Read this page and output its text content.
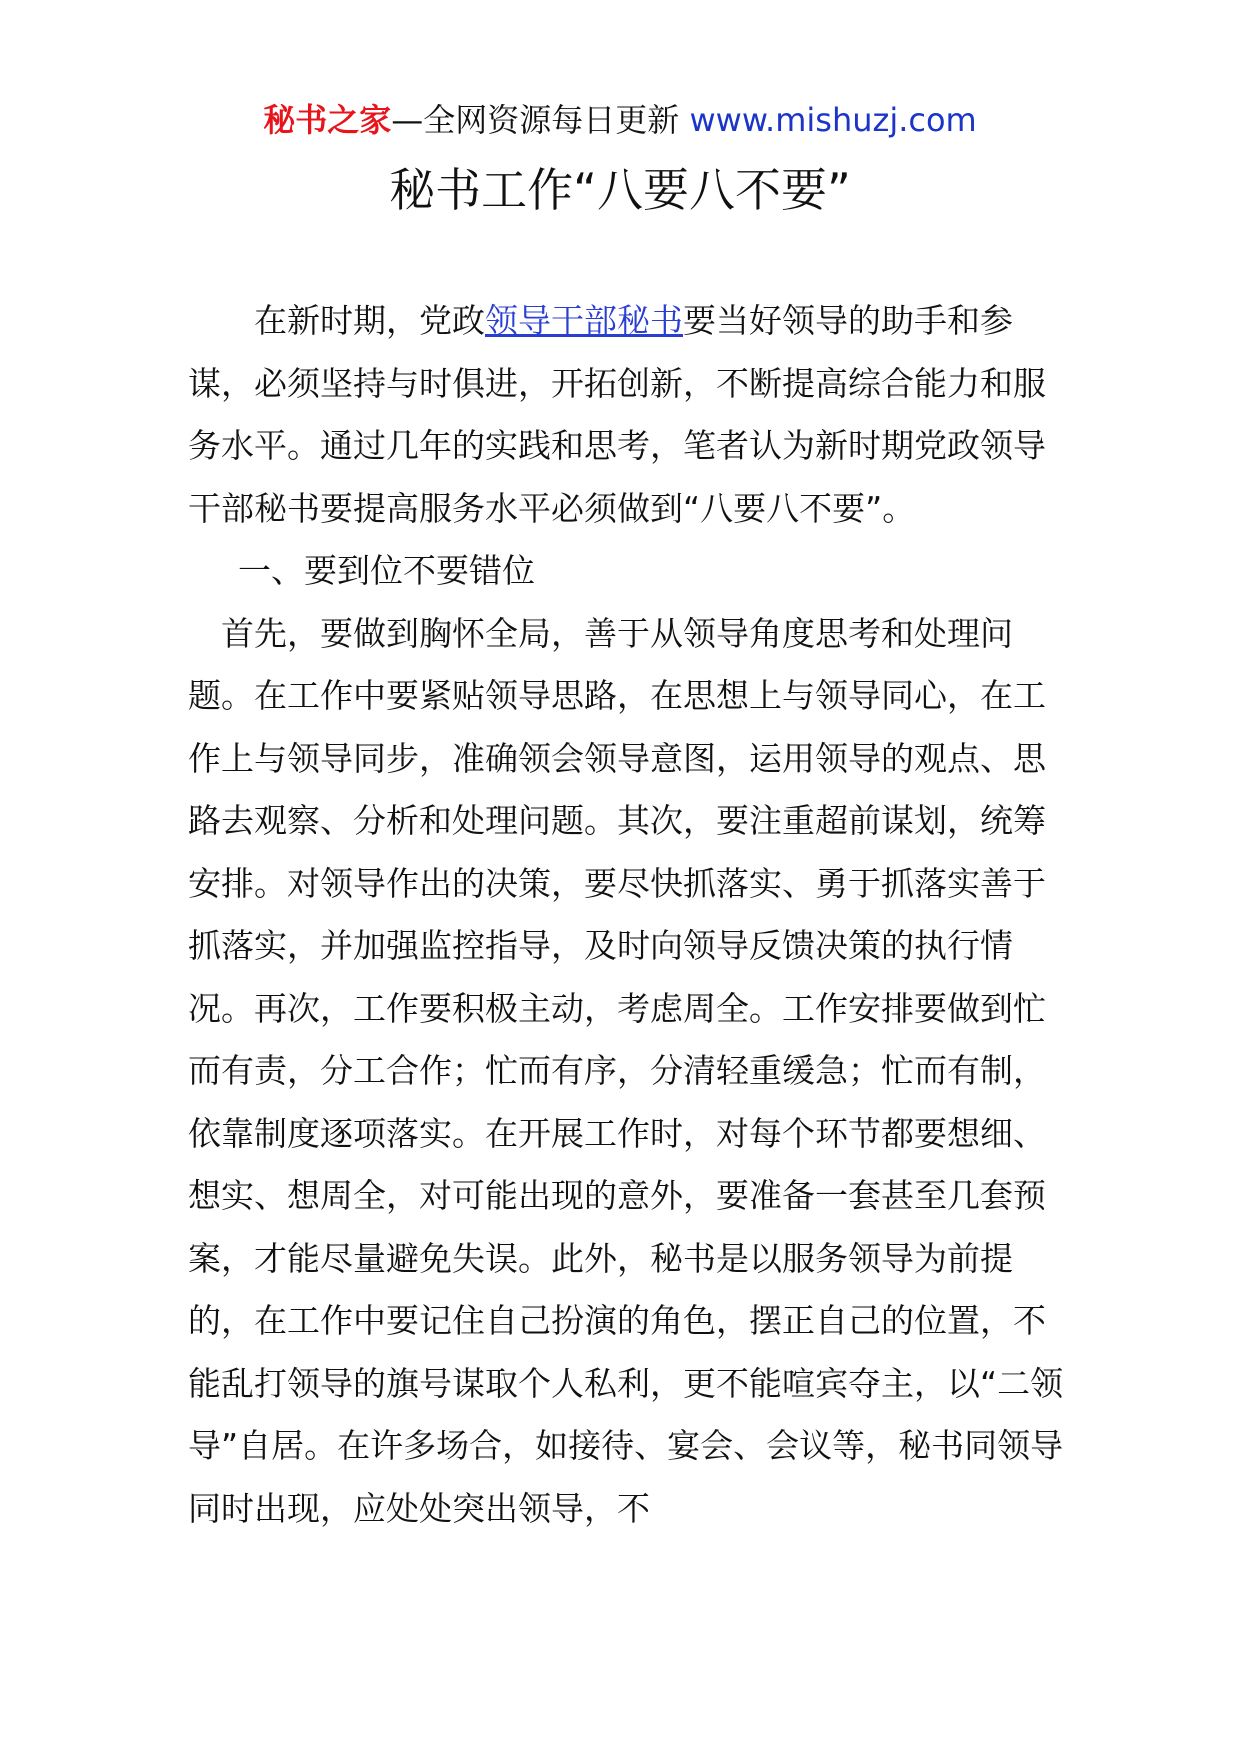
秘书之家—全网资源每日更新 www.mishuzj.com
秘书工作“八要八不要”

在新时期，党政领导干部秘书要当好领导的助手和参谋，必须坚持与时俱进，开拓创新，不断提高综合能力和服务水平。通过几年的实践和思考，笔者认为新时期党政领导干部秘书要提高服务水平必须做到“八要八不要”。

一、要到位不要错位

首先，要做到胸怀全局，善于从领导角度思考和处理问题。在工作中要紧贴领导思路，在思想上与领导同心，在工作上与领导同步，准确领会领导意图，运用领导的观点、思路去观察、分析和处理问题。其次，要注重超前谋划，统筹安排。对领导作出的决策，要尽快抓落实、勇于抓落实善于抓落实，并加强监控指导，及时向领导反馈决策的执行情况。再次，工作要积极主动，考虑周全。工作安排要做到忙而有责，分工合作；忙而有序，分清轻重缓急；忙而有制，依靠制度逐项落实。在开展工作时，对每个环节都要想细、想实、想周全，对可能出现的意外，要准备一套甚至几套预案，才能尽量避免失误。此外，秘书是以服务领导为前提的，在工作中要记住自己扮演的角色，摆正自己的位置，不能乱打领导的旗号谋取个人私利，更不能喧宾夺主，以“二领导”自居。在许多场合，如接待、宴会、会议等，秘书同领导同时出现，应处处突出领导，不
